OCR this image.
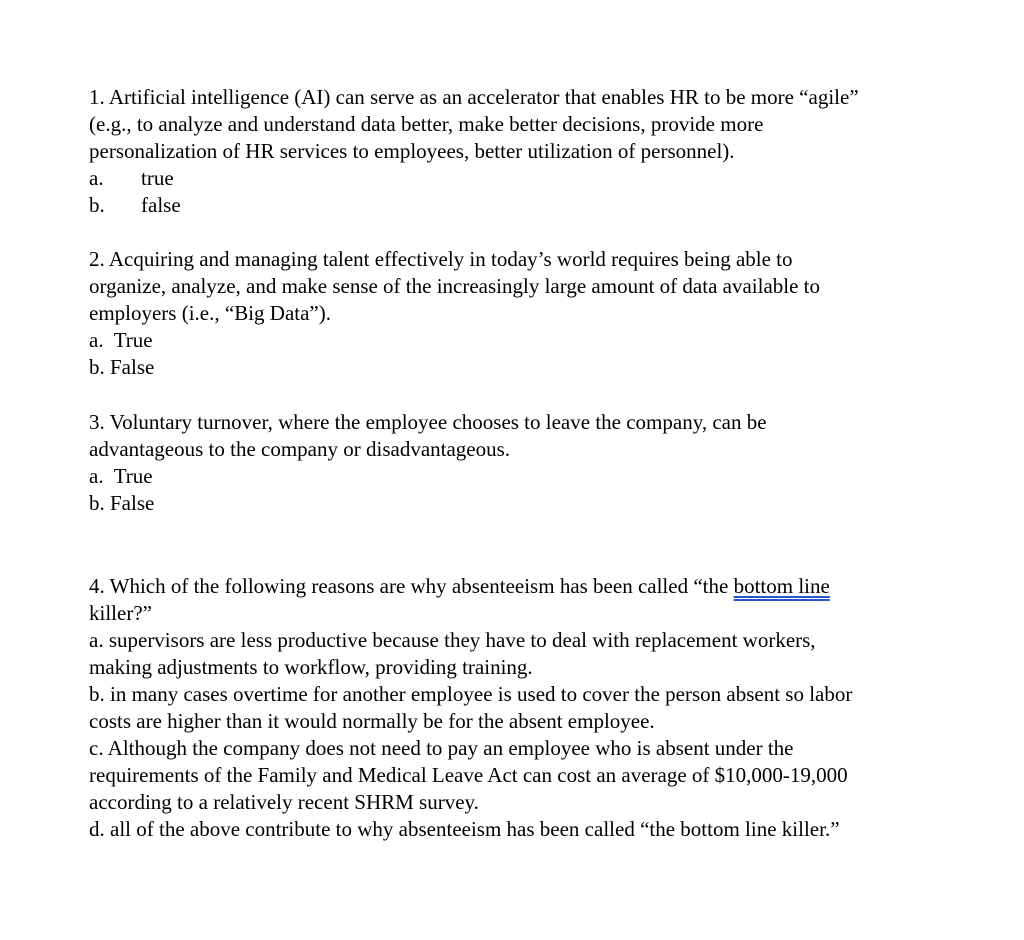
1. Artificial intelligence (AI) can serve as an accelerator that enables HR to be more “agile”
(e.g., to analyze and understand data better, make better decisions, provide more
personalization of HR services to employees, better utilization of personnel).
a. true
b. false
2. Acquiring and managing talent effectively in today’s world requires being able to
organize, analyze, and make sense of the increasingly large amount of data available to
employers (i.e., “Big Data”).
a. True
b. False
3. Voluntary turnover, where the employee chooses to leave the company, can be
advantageous to the company or disadvantageous.
a. True
b. False
4. Which of the following reasons are why absenteeism has been called “the bottom line
killer?”
a. supervisors are less productive because they have to deal with replacement workers,
making adjustments to workflow, providing training.
b. in many cases overtime for another employee is used to cover the person absent so labor
costs are higher than it would normally be for the absent employee.
c. Although the company does not need to pay an employee who is absent under the
requirements of the Family and Medical Leave Act can cost an average of $10,000-19,000
according to a relatively recent SHRM survey.
d. all of the above contribute to why absenteeism has been called “the bottom line killer.”
